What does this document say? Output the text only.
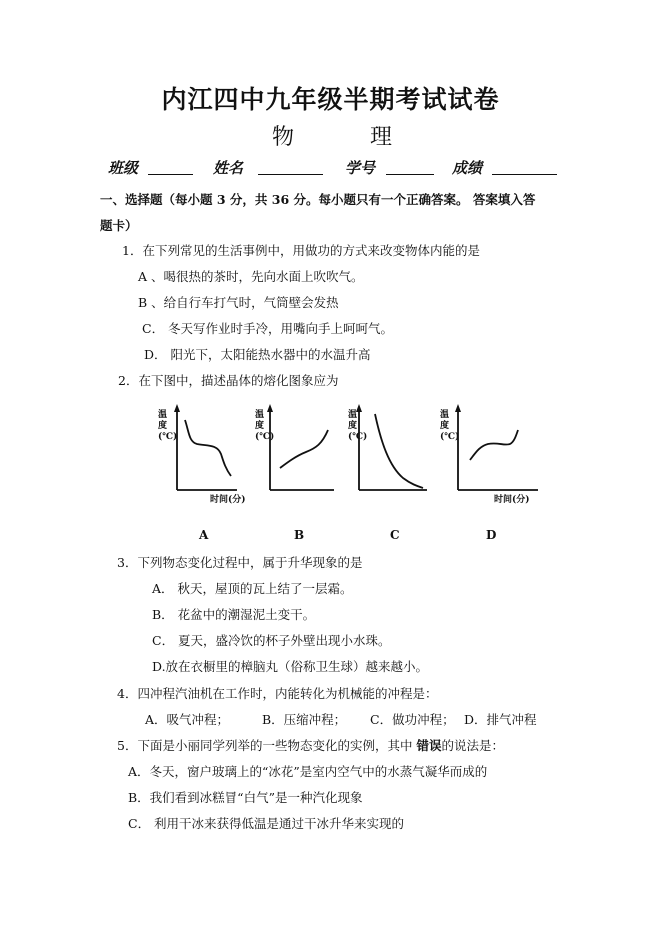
内江四中九年级半期考试试卷
物	理
班级	姓名	学号	成绩
一、选择题（每小题 3 分，共 36 分。每小题只有一个正确答案。 答案填入答
题卡）
1．在下列常见的生活事例中，用做功的方式来改变物体内能的是
A 、喝很热的茶时，先向水面上吹吹气。
B 、给自行车打气时，气筒壁会发热
C． 冬天写作业时手冷，用嘴向手上呵呵气。
D． 阳光下，太阳能热水器中的水温升高
2．在下图中，描述晶体的熔化图象应为
温
度
(℃)
温
度
(℃)
时间(分)
温
度
(℃)
温
度
(℃)
时间(分)
A	B	C	D
3．下列物态变化过程中，属于升华现象的是
A． 秋天，屋顶的瓦上结了一层霜。
B． 花盆中的潮湿泥土变干。
C． 夏天，盛冷饮的杯子外壁出现小水珠。
D.放在衣橱里的樟脑丸（俗称卫生球）越来越小。
4．四冲程汽油机在工作时，内能转化为机械能的冲程是：
A．吸气冲程；	B．压缩冲程； C．做功冲程； D．排气冲程
5．下面是小丽同学列举的一些物态变化的实例，其中 错误的说法是：
A．冬天，窗户玻璃上的“冰花”是室内空气中的水蒸气凝华而成的
B．我们看到冰糕冒“白气”是一种汽化现象
C． 利用干冰来获得低温是通过干冰升华来实现的
